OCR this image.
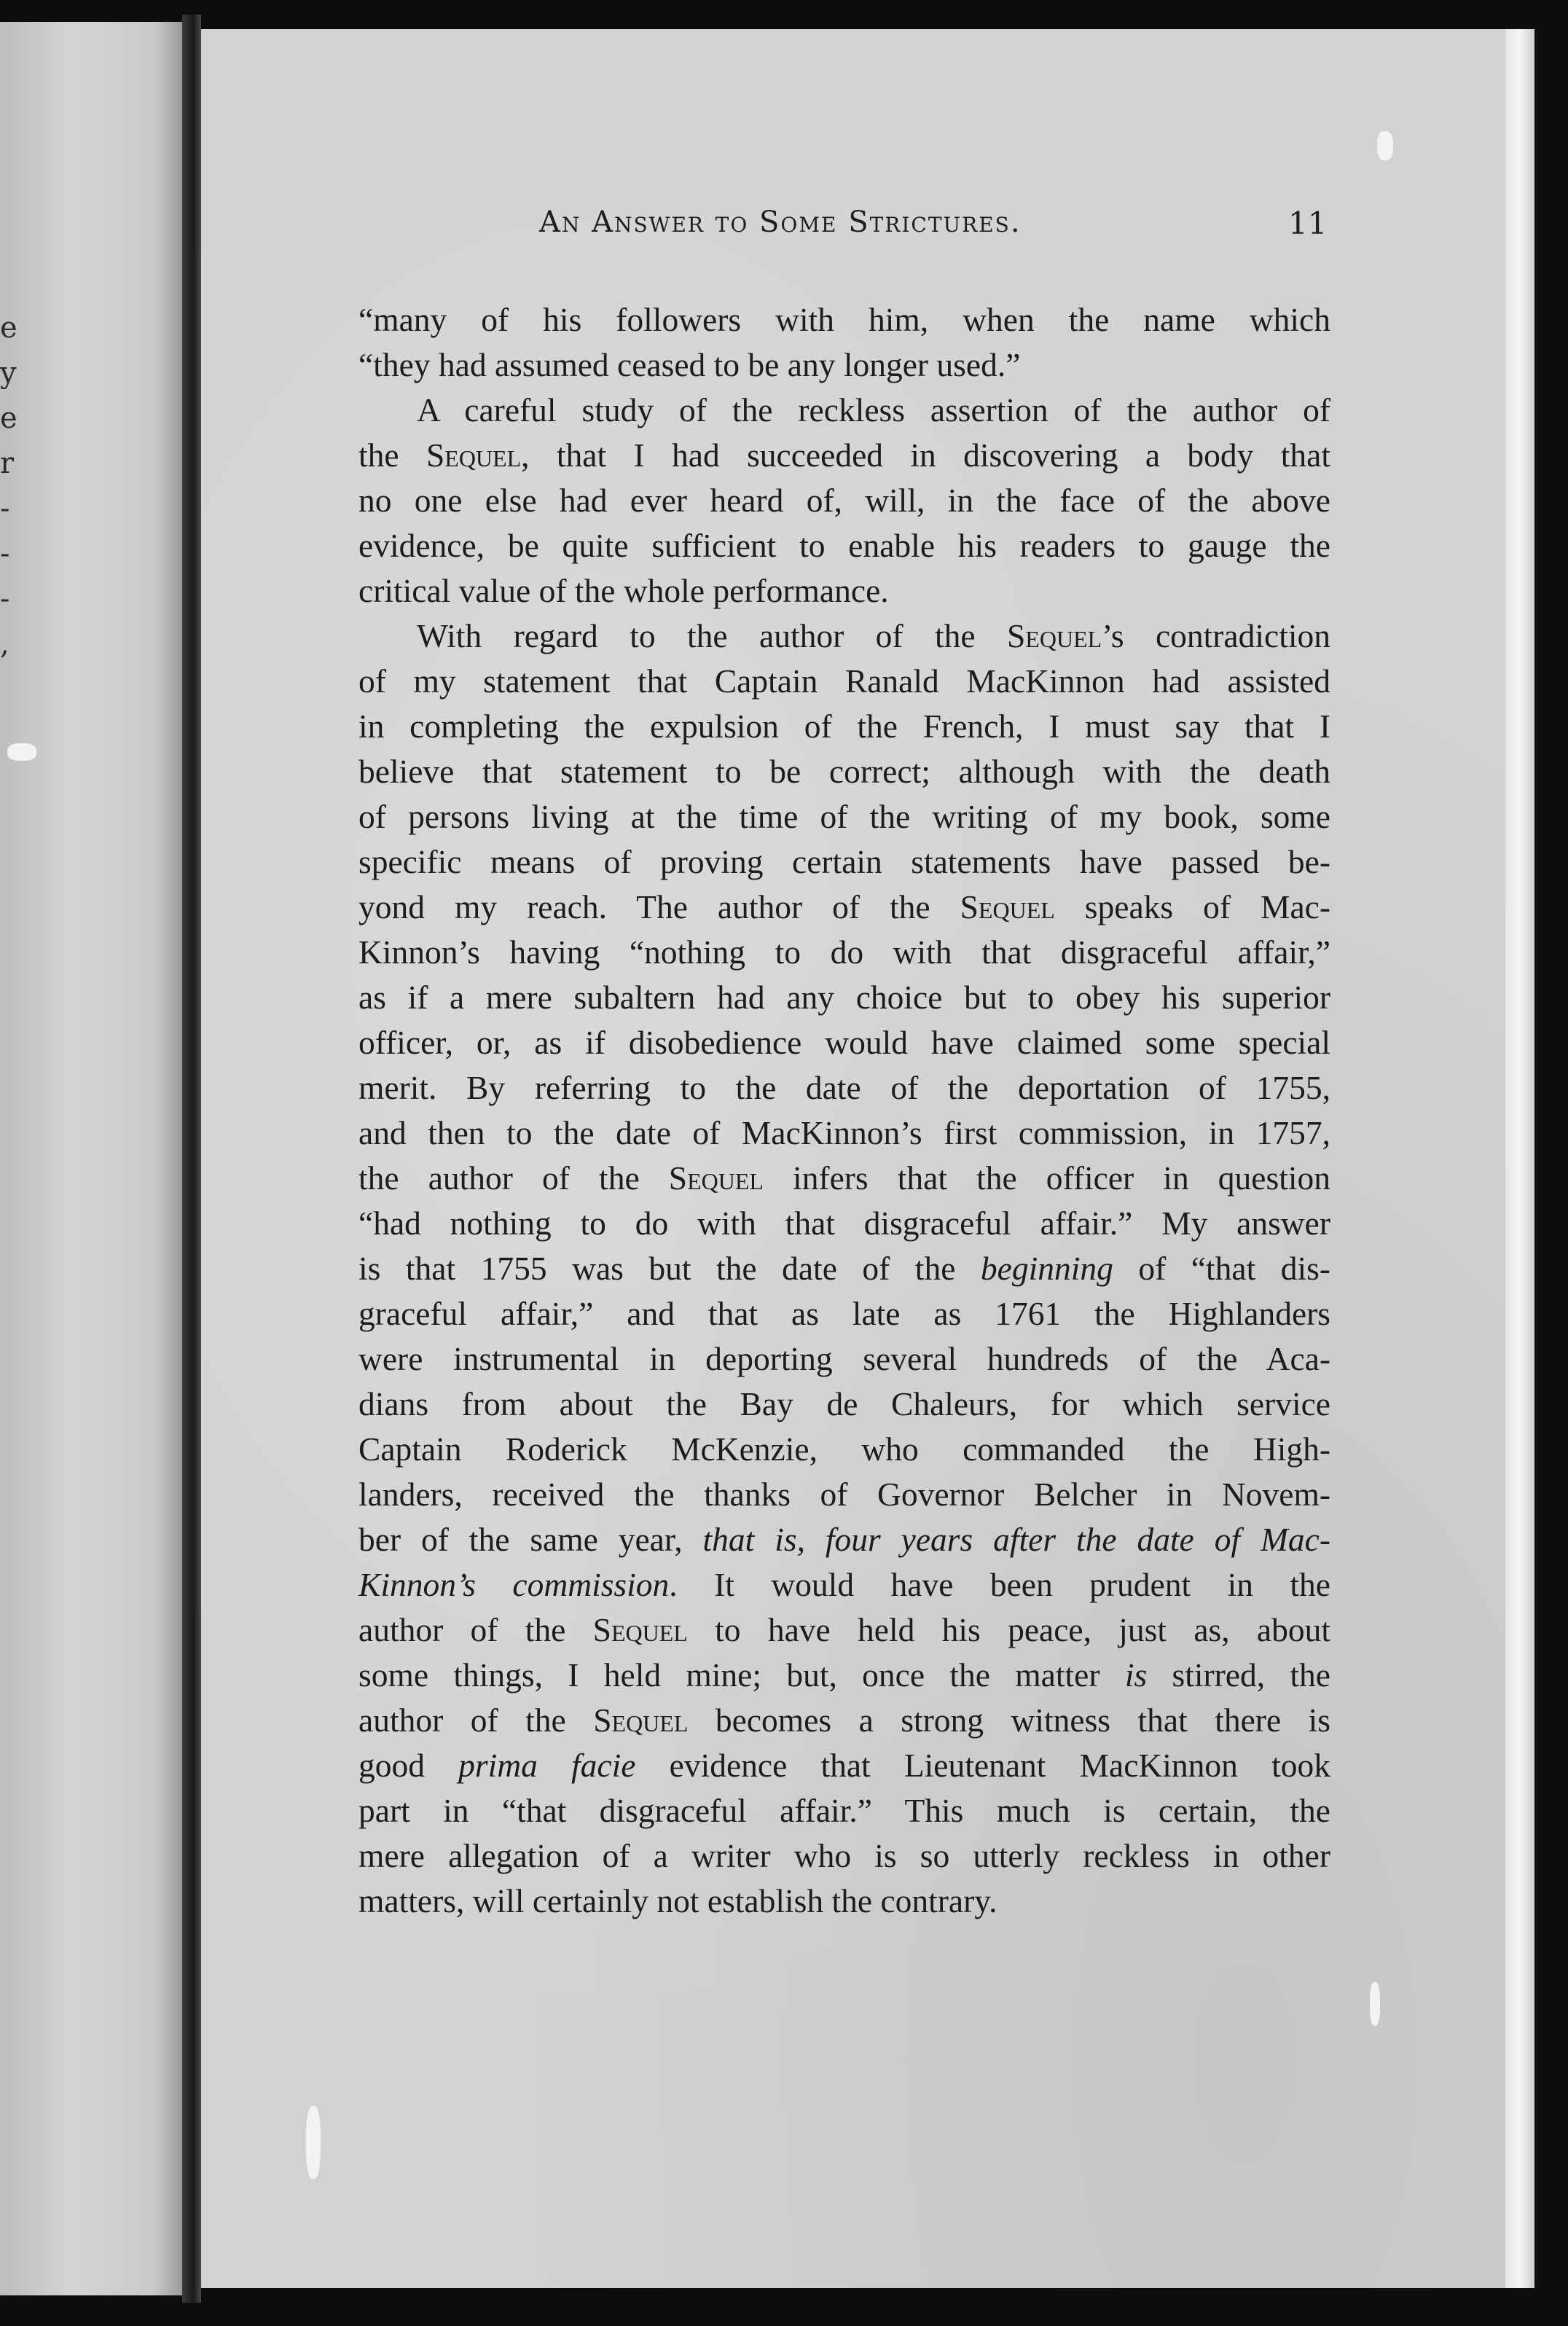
e
y
e
r
-
-
-
,
An Answer to Some Strictures.	11
“many of his followers with him, when the name which
“they had assumed ceased to be any longer used.”
A careful study of the reckless assertion of the author of
the Sequel, that I had succeeded in discovering a body that
no one else had ever heard of, will, in the face of the above
evidence, be quite sufficient to enable his readers to gauge the
critical value of the whole performance.
With regard to the author of the Sequel’s contradiction
of my statement that Captain Ranald MacKinnon had assisted
in completing the expulsion of the French, I must say that I
believe that statement to be correct; although with the death
of persons living at the time of the writing of my book, some
specific means of proving certain statements have passed be-
yond my reach. The author of the Sequel speaks of Mac-
Kinnon’s having “nothing to do with that disgraceful affair,”
as if a mere subaltern had any choice but to obey his superior
officer, or, as if disobedience would have claimed some special
merit. By referring to the date of the deportation of 1755,
and then to the date of MacKinnon’s first commission, in 1757,
the author of the Sequel infers that the officer in question
“had nothing to do with that disgraceful affair.” My answer
is that 1755 was but the date of the beginning of “that dis-
graceful affair,” and that as late as 1761 the Highlanders
were instrumental in deporting several hundreds of the Aca-
dians from about the Bay de Chaleurs, for which service
Captain Roderick McKenzie, who commanded the High-
landers, received the thanks of Governor Belcher in Novem-
ber of the same year, that is, four years after the date of Mac-
Kinnon’s commission. It would have been prudent in the
author of the Sequel to have held his peace, just as, about
some things, I held mine; but, once the matter is stirred, the
author of the Sequel becomes a strong witness that there is
good prima facie evidence that Lieutenant MacKinnon took
part in “that disgraceful affair.” This much is certain, the
mere allegation of a writer who is so utterly reckless in other
matters, will certainly not establish the contrary.
